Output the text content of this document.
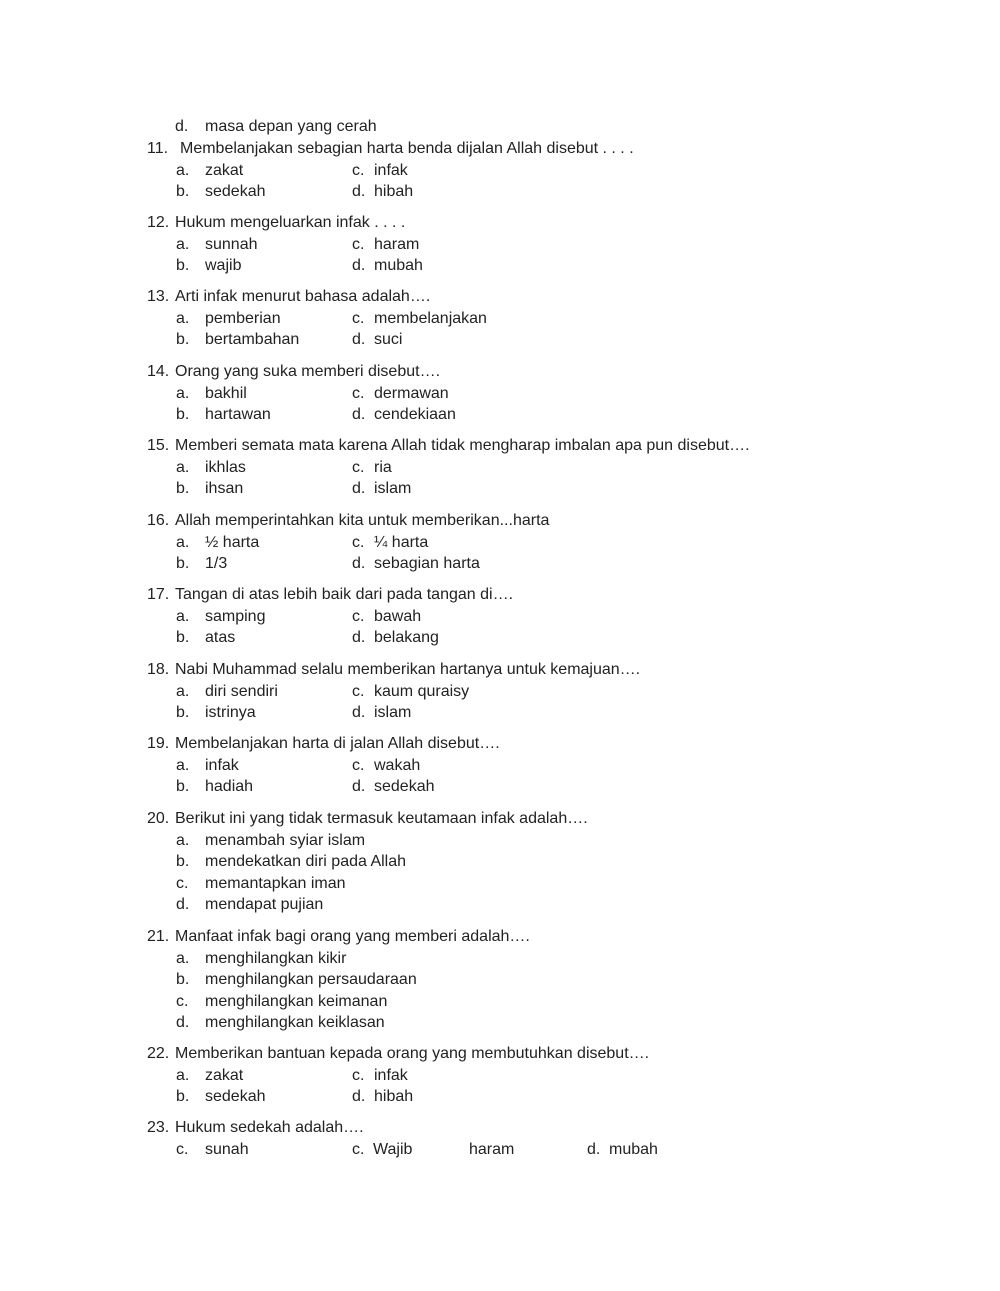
d. masa depan yang cerah
11. Membelanjakan sebagian harta benda dijalan Allah disebut . . . .
a. zakat
b. sedekah
c. infak
d. hibah
12. Hukum mengeluarkan infak . . . .
a. sunnah
b. wajib
c. haram
d. mubah
13. Arti infak menurut bahasa adalah….
a. pemberian
b. bertambahan
c. membelanjakan
d. suci
14. Orang yang suka memberi disebut….
a. bakhil
b. hartawan
c. dermawan
d. cendekiaan
15. Memberi semata mata karena Allah tidak mengharap imbalan apa pun disebut….
a. ikhlas
b. ihsan
c. ria
d. islam
16. Allah memperintahkan kita untuk memberikan...harta
a. ½ harta
b. 1/3
c. ¼ harta
d. sebagian harta
17. Tangan di atas lebih baik dari pada tangan di….
a. samping
b. atas
c. bawah
d. belakang
18. Nabi Muhammad selalu memberikan hartanya untuk kemajuan….
a. diri sendiri
b. istrinya
c. kaum quraisy
d. islam
19. Membelanjakan harta di jalan Allah disebut….
a. infak
b. hadiah
c. wakah
d. sedekah
20. Berikut ini yang tidak termasuk keutamaan infak adalah….
a. menambah syiar islam
b. mendekatkan diri pada Allah
c. memantapkan iman
d. mendapat pujian
21. Manfaat infak bagi orang yang memberi adalah….
a. menghilangkan kikir
b. menghilangkan persaudaraan
c. menghilangkan keimanan
d. menghilangkan keiklasan
22. Memberikan bantuan kepada orang yang membutuhkan disebut….
a. zakat
b. sedekah
c. infak
d. hibah
23. Hukum sedekah adalah….
c. sunah	c. Wajib	haram	d. mubah
